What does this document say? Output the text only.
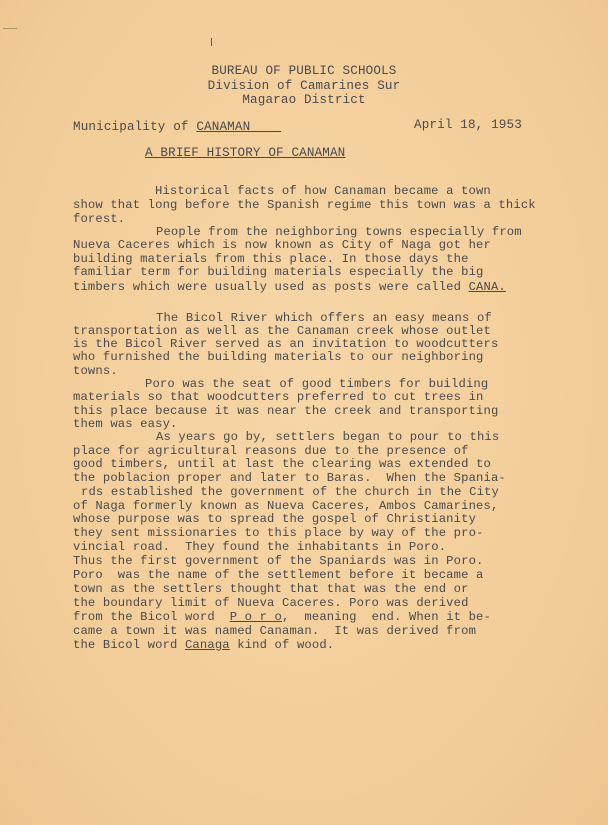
BUREAU OF PUBLIC SCHOOLS
Division of Camarines Sur
Magarao District
Municipality of CANAMAN	April 18, 1953
A BRIEF HISTORY OF CANAMAN
Historical facts of how Canaman became a town
show that long before the Spanish regime this town was a thick
forest.
People from the neighboring towns especially from
Nueva Caceres which is now known as City of Naga got her
building materials from this place. In those days the
familiar term for building materials especially the big
timbers which were usually used as posts were called CANA.
The Bicol River which offers an easy means of
transportation as well as the Canaman creek whose outlet
is the Bicol River served as an invitation to woodcutters
who furnished the building materials to our neighboring
towns.
Poro was the seat of good timbers for building
materials so that woodcutters preferred to cut trees in
this place because it was near the creek and transporting
them was easy.
As years go by, settlers began to pour to this
place for agricultural reasons due to the presence of
good timbers, until at last the clearing was extended to
the poblacion proper and later to Baras.  When the Spania-
rds established the government of the church in the City
of Naga formerly known as Nueva Caceres, Ambos Camarines,
whose purpose was to spread the gospel of Christianity
they sent missionaries to this place by way of the pro-
vincial road.  They found the inhabitants in Poro.
Thus the first government of the Spaniards was in Poro.
Poro  was the name of the settlement before it became a
town as the settlers thought that that was the end or
the boundary limit of Nueva Caceres. Poro was derived
from the Bicol word  P o r o,  meaning  end. When it be-
came a town it was named Canaman.  It was derived from
the Bicol word Canaga kind of wood.
